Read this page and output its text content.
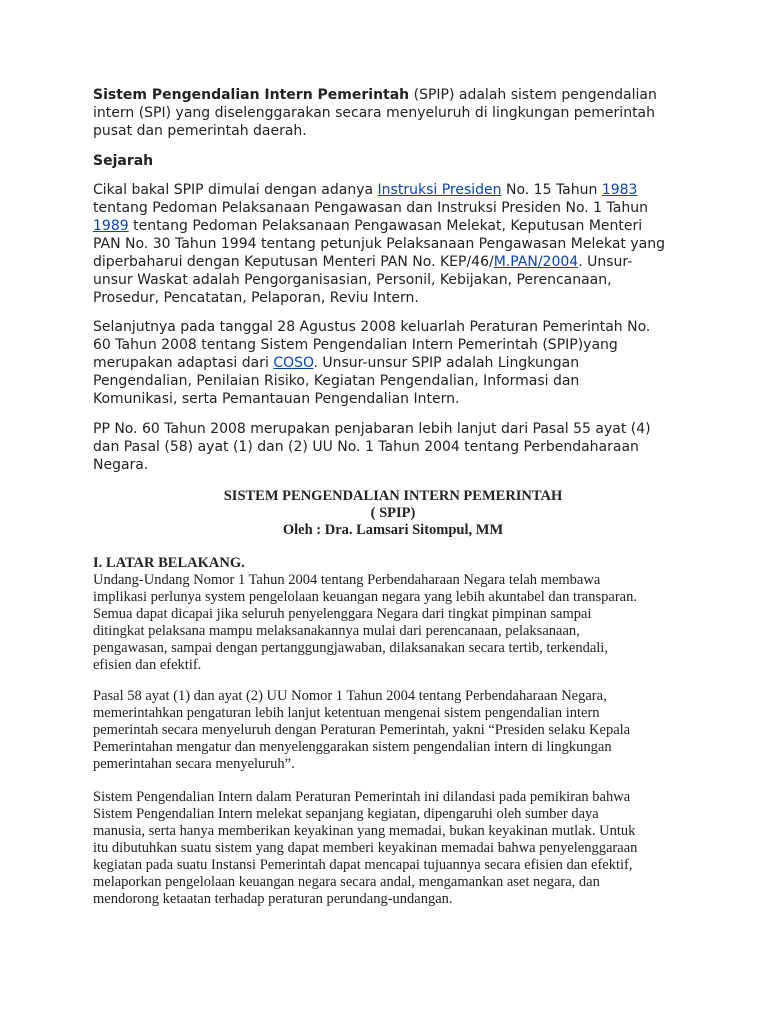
Sistem Pengendalian Intern Pemerintah (SPIP) adalah sistem pengendalian
intern (SPI) yang diselenggarakan secara menyeluruh di lingkungan pemerintah
pusat dan pemerintah daerah.
Sejarah
Cikal bakal SPIP dimulai dengan adanya Instruksi Presiden No. 15 Tahun 1983
tentang Pedoman Pelaksanaan Pengawasan dan Instruksi Presiden No. 1 Tahun
1989 tentang Pedoman Pelaksanaan Pengawasan Melekat, Keputusan Menteri
PAN No. 30 Tahun 1994 tentang petunjuk Pelaksanaan Pengawasan Melekat yang
diperbaharui dengan Keputusan Menteri PAN No. KEP/46/M.PAN/2004. Unsur-
unsur Waskat adalah Pengorganisasian, Personil, Kebijakan, Perencanaan,
Prosedur, Pencatatan, Pelaporan, Reviu Intern.
Selanjutnya pada tanggal 28 Agustus 2008 keluarlah Peraturan Pemerintah No.
60 Tahun 2008 tentang Sistem Pengendalian Intern Pemerintah (SPIP)yang
merupakan adaptasi dari COSO. Unsur-unsur SPIP adalah Lingkungan
Pengendalian, Penilaian Risiko, Kegiatan Pengendalian, Informasi dan
Komunikasi, serta Pemantauan Pengendalian Intern.
PP No. 60 Tahun 2008 merupakan penjabaran lebih lanjut dari Pasal 55 ayat (4)
dan Pasal (58) ayat (1) dan (2) UU No. 1 Tahun 2004 tentang Perbendaharaan
Negara.
SISTEM PENGENDALIAN INTERN PEMERINTAH
( SPIP)
Oleh : Dra. Lamsari Sitompul, MM
I. LATAR BELAKANG.
Undang-Undang Nomor 1 Tahun 2004 tentang Perbendaharaan Negara telah membawa
implikasi perlunya system pengelolaan keuangan negara yang lebih akuntabel dan transparan.
Semua dapat dicapai jika seluruh penyelenggara Negara dari tingkat pimpinan sampai
ditingkat pelaksana mampu melaksanakannya mulai dari perencanaan, pelaksanaan,
pengawasan, sampai dengan pertanggungjawaban, dilaksanakan secara tertib, terkendali,
efisien dan efektif.
Pasal 58 ayat (1) dan ayat (2) UU Nomor 1 Tahun 2004 tentang Perbendaharaan Negara,
memerintahkan pengaturan lebih lanjut ketentuan mengenai sistem pengendalian intern
pemerintah secara menyeluruh dengan Peraturan Pemerintah, yakni “Presiden selaku Kepala
Pemerintahan mengatur dan menyelenggarakan sistem pengendalian intern di lingkungan
pemerintahan secara menyeluruh”.
Sistem Pengendalian Intern dalam Peraturan Pemerintah ini dilandasi pada pemikiran bahwa
Sistem Pengendalian Intern melekat sepanjang kegiatan, dipengaruhi oleh sumber daya
manusia, serta hanya memberikan keyakinan yang memadai, bukan keyakinan mutlak. Untuk
itu dibutuhkan suatu sistem yang dapat memberi keyakinan memadai bahwa penyelenggaraan
kegiatan pada suatu Instansi Pemerintah dapat mencapai tujuannya secara efisien dan efektif,
melaporkan pengelolaan keuangan negara secara andal, mengamankan aset negara, dan
mendorong ketaatan terhadap peraturan perundang-undangan.
